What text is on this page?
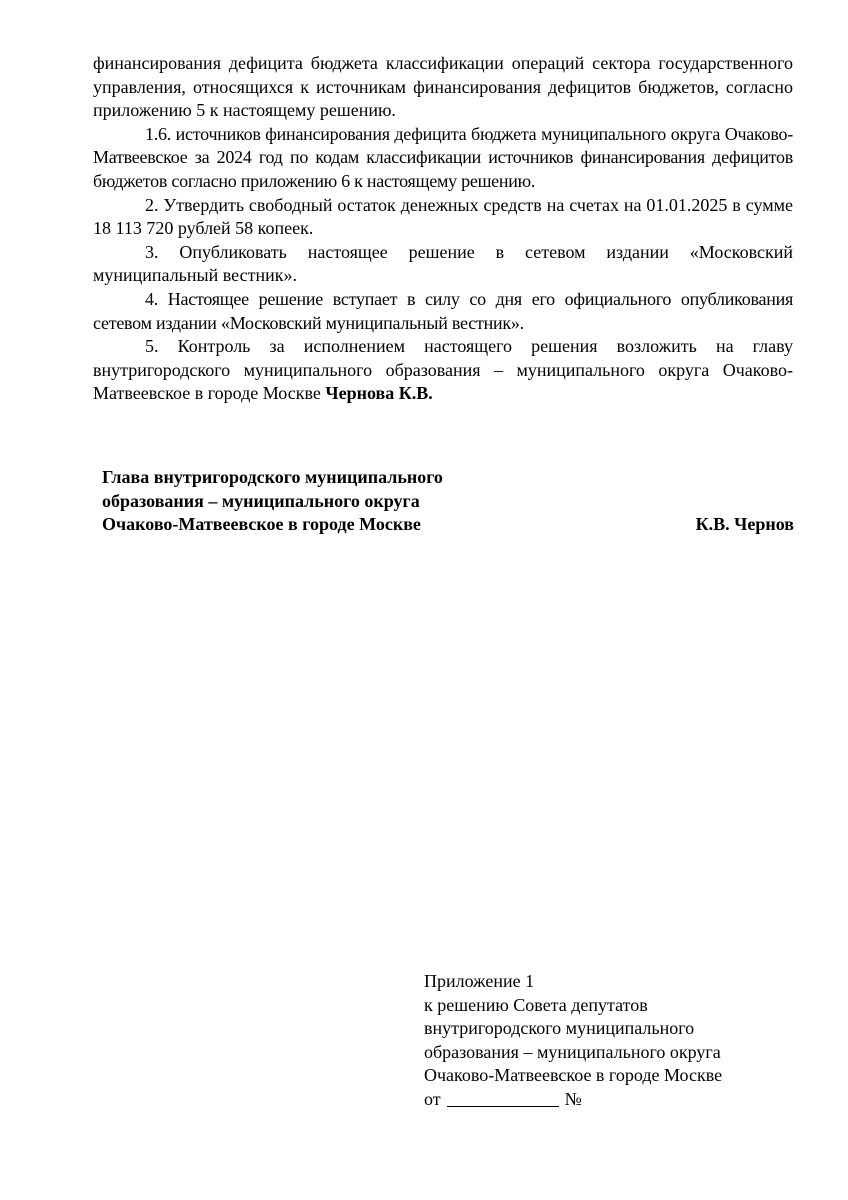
финансирования дефицита бюджета классификации операций сектора государственного управления, относящихся к источникам финансирования дефицитов бюджетов, согласно приложению 5 к настоящему решению.

1.6. источников финансирования дефицита бюджета муниципального округа Очаково-Матвеевское за 2024 год по кодам классификации источников финансирования дефицитов бюджетов согласно приложению 6 к настоящему решению.

2. Утвердить свободный остаток денежных средств на счетах на 01.01.2025 в сумме 18 113 720 рублей 58 копеек.

3. Опубликовать настоящее решение в сетевом издании «Московский муниципальный вестник».

4. Настоящее решение вступает в силу со дня его официального опубликования сетевом издании «Московский муниципальный вестник».

5. Контроль за исполнением настоящего решения возложить на главу внутригородского муниципального образования – муниципального округа Очаково-Матвеевское в городе Москве Чернова К.В.

Глава внутригородского муниципального
образования – муниципального округа
Очаково-Матвеевское в городе Москве	К.В. Чернов
Приложение 1
к решению Совета депутатов
внутригородского муниципального
образования – муниципального округа
Очаково-Матвеевское в городе Москве
от	№
